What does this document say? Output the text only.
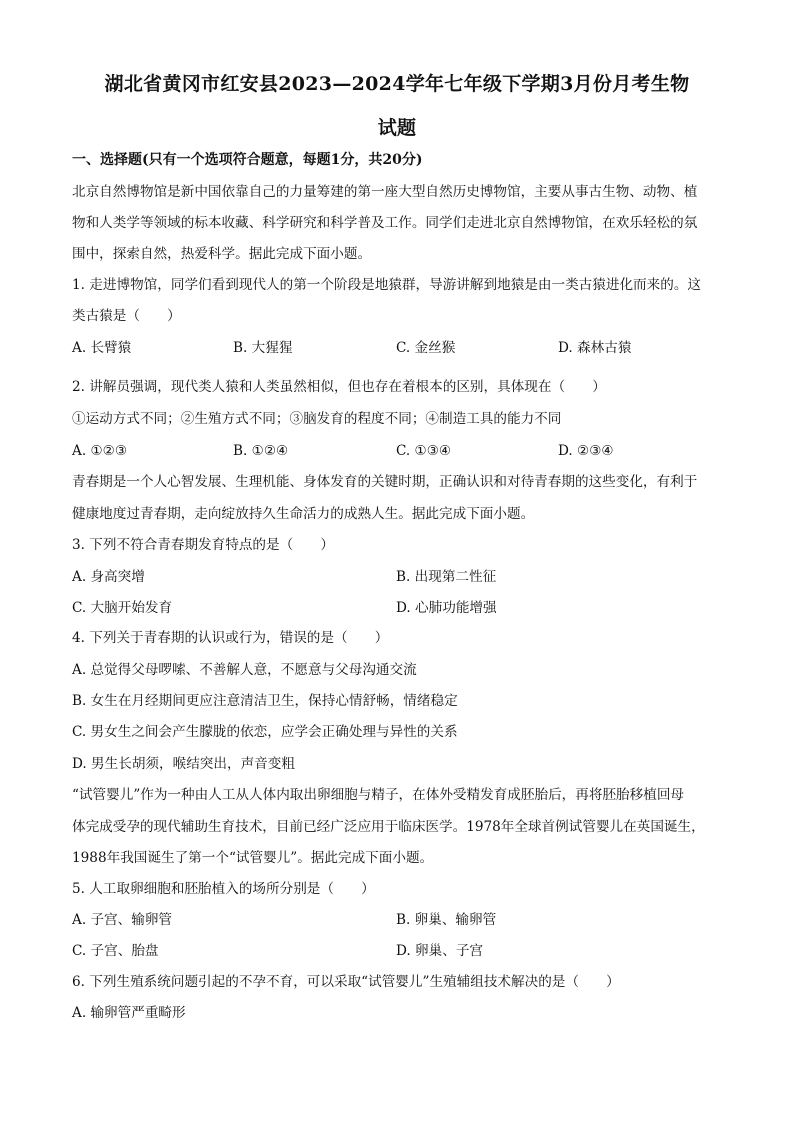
湖北省黄冈市红安县2023—2024学年七年级下学期3月份月考生物
试题
一、选择题(只有一个选项符合题意，每题1分，共20分)
北京自然博物馆是新中国依靠自己的力量筹建的第一座大型自然历史博物馆，主要从事古生物、动物、植
物和人类学等领域的标本收藏、科学研究和科学普及工作。同学们走进北京自然博物馆，在欢乐轻松的氛
围中，探索自然，热爱科学。据此完成下面小题。
1. 走进博物馆，同学们看到现代人的第一个阶段是地猿群，导游讲解到地猿是由一类古猿进化而来的。这
类古猿是（　　）
A. 长臂猿	B. 大猩猩	C. 金丝猴	D. 森林古猿
2. 讲解员强调，现代类人猿和人类虽然相似，但也存在着根本的区别，具体现在（　　）
①运动方式不同；②生殖方式不同；③脑发育的程度不同；④制造工具的能力不同
A. ①②③	B. ①②④	C. ①③④	D. ②③④
青春期是一个人心智发展、生理机能、身体发育的关键时期，正确认识和对待青春期的这些变化，有利于
健康地度过青春期，走向绽放持久生命活力的成熟人生。据此完成下面小题。
3. 下列不符合青春期发育特点的是（　　）
A. 身高突增	B. 出现第二性征
C. 大脑开始发育	D. 心肺功能增强
4. 下列关于青春期的认识或行为，错误的是（　　）
A. 总觉得父母啰嗦、不善解人意，不愿意与父母沟通交流
B. 女生在月经期间更应注意清洁卫生，保持心情舒畅，情绪稳定
C. 男女生之间会产生朦胧的依恋，应学会正确处理与异性的关系
D. 男生长胡须，喉结突出，声音变粗
“试管婴儿”作为一种由人工从人体内取出卵细胞与精子，在体外受精发育成胚胎后，再将胚胎移植回母
体完成受孕的现代辅助生育技术，目前已经广泛应用于临床医学。1978年全球首例试管婴儿在英国诞生，
1988年我国诞生了第一个“试管婴儿”。据此完成下面小题。
5. 人工取卵细胞和胚胎植入的场所分别是（　　）
A. 子宫、输卵管	B. 卵巢、输卵管
C. 子宫、胎盘	D. 卵巢、子宫
6. 下列生殖系统问题引起的不孕不育，可以采取“试管婴儿”生殖辅组技术解决的是（　　）
A. 输卵管严重畸形
